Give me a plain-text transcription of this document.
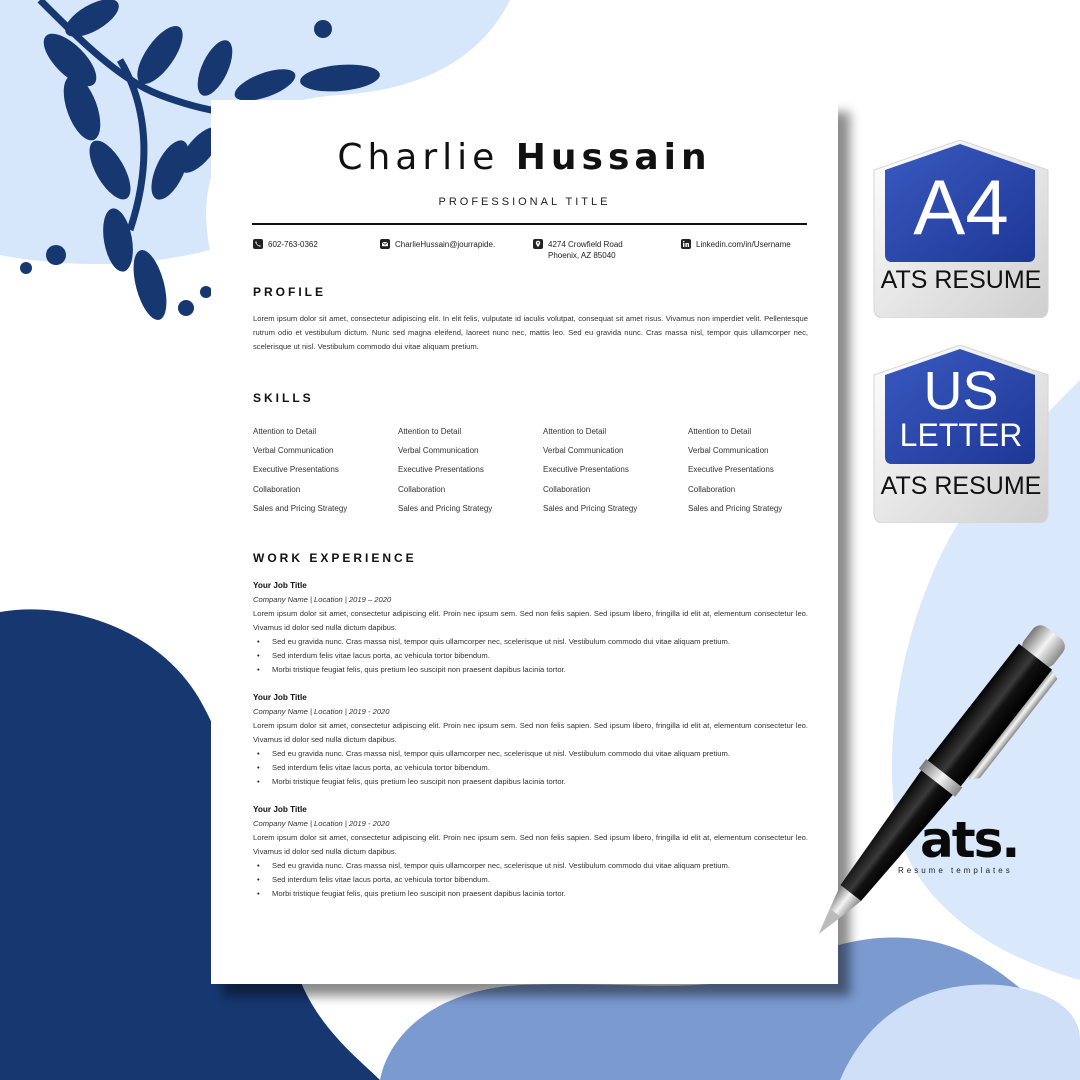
Charlie Hussain
PROFESSIONAL TITLE
602-763-0362	CharlieHussain@jourrapide.	4274 Crowfield Road
Phoenix, AZ 85040
Linkedin.com/in/Username
PROFILE
Lorem ipsum dolor sit amet, consectetur adipiscing elit. In elit felis, vulputate id iaculis volutpat, consequat sit amet risus. Vivamus non imperdiet velit. Pellentesque rutrum odio et vestibulum dictum. Nunc sed magna eleifend, laoreet nunc nec, mattis leo. Sed eu gravida nunc. Cras massa nisl, tempor quis ullamcorper nec, scelerisque ut nisl. Vestibulum commodo dui vitae aliquam pretium.
SKILLS
Attention to Detail	Attention to Detail	Attention to Detail	Attention to Detail
Verbal Communication	Verbal Communication	Verbal Communication	Verbal Communication
Executive Presentations	Executive Presentations	Executive Presentations	Executive Presentations
Collaboration	Collaboration	Collaboration	Collaboration
Sales and Pricing Strategy	Sales and Pricing Strategy	Sales and Pricing Strategy	Sales and Pricing Strategy
WORK EXPERIENCE
Your Job Title
Company Name | Location | 2019 – 2020
Lorem ipsum dolor sit amet, consectetur adipiscing elit. Proin nec ipsum sem. Sed non felis sapien. Sed ipsum libero, fringilla id elit at, elementum consectetur leo. Vivamus id dolor sed nulla dictum dapibus.
• Sed eu gravida nunc. Cras massa nisl, tempor quis ullamcorper nec, scelerisque ut nisl. Vestibulum commodo dui vitae aliquam pretium.
• Sed interdum felis vitae lacus porta, ac vehicula tortor bibendum.
• Morbi tristique feugiat felis, quis pretium leo suscipit non praesent dapibus lacinia tortor.
Your Job Title
Company Name | Location | 2019 - 2020
Lorem ipsum dolor sit amet, consectetur adipiscing elit. Proin nec ipsum sem. Sed non felis sapien. Sed ipsum libero, fringilla id elit at, elementum consectetur leo. Vivamus id dolor sed nulla dictum dapibus.
• Sed eu gravida nunc. Cras massa nisl, tempor quis ullamcorper nec, scelerisque ut nisl. Vestibulum commodo dui vitae aliquam pretium.
• Sed interdum felis vitae lacus porta, ac vehicula tortor bibendum.
• Morbi tristique feugiat felis, quis pretium leo suscipit non praesent dapibus lacinia tortor.
Your Job Title
Company Name | Location | 2019 - 2020
Lorem ipsum dolor sit amet, consectetur adipiscing elit. Proin nec ipsum sem. Sed non felis sapien. Sed ipsum libero, fringilla id elit at, elementum consectetur leo. Vivamus id dolor sed nulla dictum dapibus.
• Sed eu gravida nunc. Cras massa nisl, tempor quis ullamcorper nec, scelerisque ut nisl. Vestibulum commodo dui vitae aliquam pretium.
• Sed interdum felis vitae lacus porta, ac vehicula tortor bibendum.
• Morbi tristique feugiat felis, quis pretium leo suscipit non praesent dapibus lacinia tortor.
A4
ATS RESUME
US
LETTER
ATS RESUME
ats.
Resume templates
